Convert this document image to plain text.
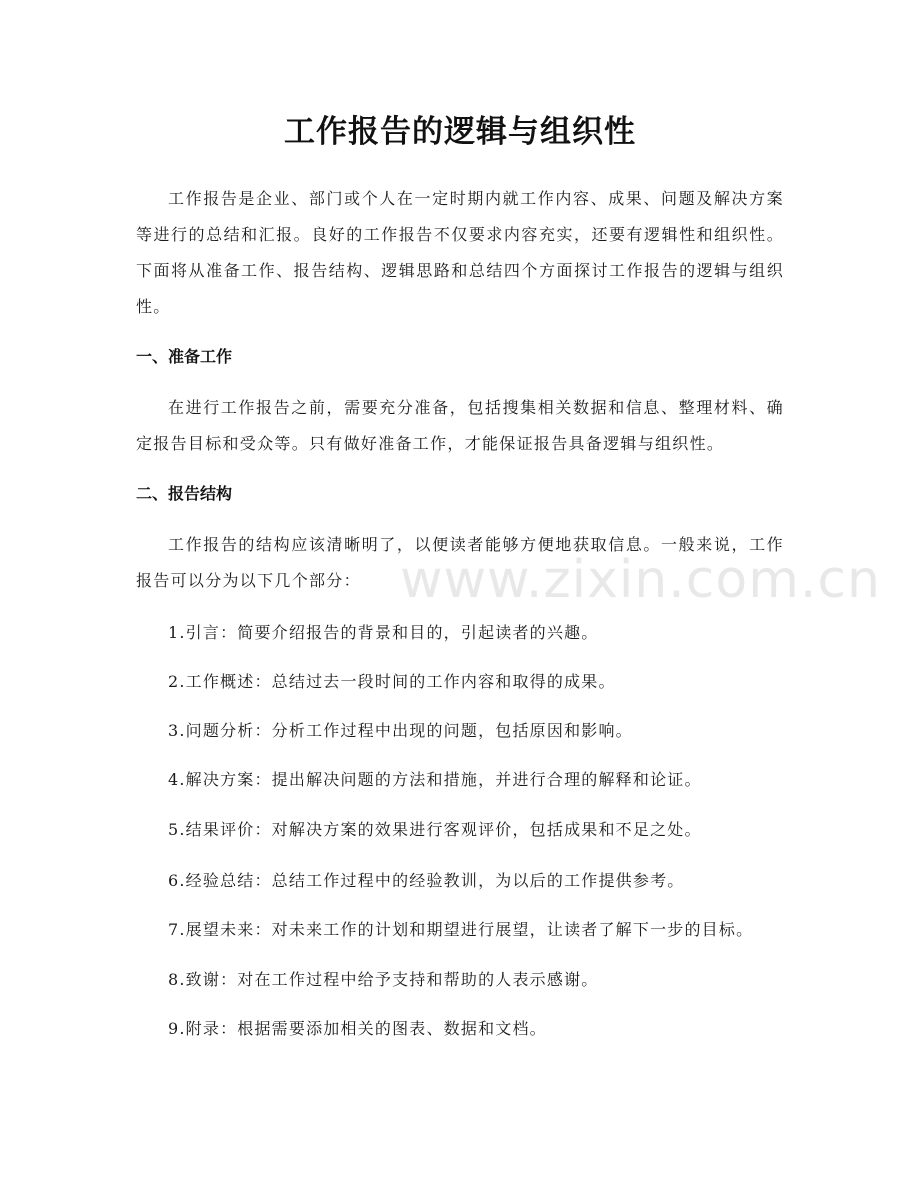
工作报告的逻辑与组织性

工作报告是企业、部门或个人在一定时期内就工作内容、成果、问题及解决方案等进行的总结和汇报。良好的工作报告不仅要求内容充实，还要有逻辑性和组织性。下面将从准备工作、报告结构、逻辑思路和总结四个方面探讨工作报告的逻辑与组织性。

一、准备工作

在进行工作报告之前，需要充分准备，包括搜集相关数据和信息、整理材料、确定报告目标和受众等。只有做好准备工作，才能保证报告具备逻辑与组织性。

二、报告结构

工作报告的结构应该清晰明了，以便读者能够方便地获取信息。一般来说，工作报告可以分为以下几个部分：

1.引言：简要介绍报告的背景和目的，引起读者的兴趣。

2.工作概述：总结过去一段时间的工作内容和取得的成果。

3.问题分析：分析工作过程中出现的问题，包括原因和影响。

4.解决方案：提出解决问题的方法和措施，并进行合理的解释和论证。

5.结果评价：对解决方案的效果进行客观评价，包括成果和不足之处。

6.经验总结：总结工作过程中的经验教训，为以后的工作提供参考。

7.展望未来：对未来工作的计划和期望进行展望，让读者了解下一步的目标。

8.致谢：对在工作过程中给予支持和帮助的人表示感谢。

9.附录：根据需要添加相关的图表、数据和文档。

www.zixin.com.cn
